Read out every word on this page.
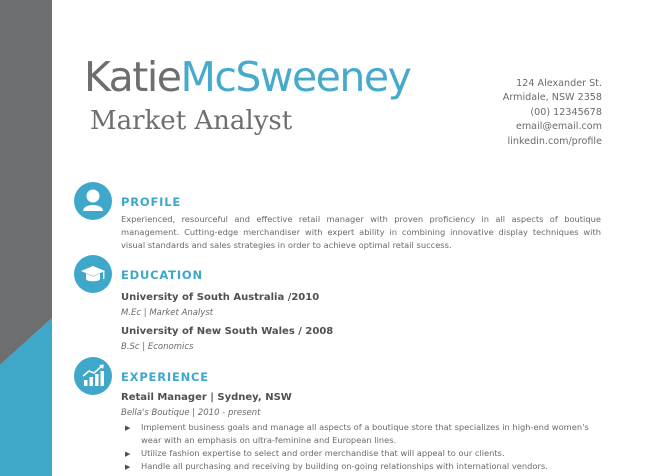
KatieMcSweeney
Market Analyst
124 Alexander St.
Armidale, NSW 2358
(00) 12345678
email@email.com
linkedin.com/profile
PROFILE
Experienced, resourceful and effective retail manager with proven proficiency in all aspects of boutique management. Cutting-edge merchandiser with expert ability in combining innovative display techniques with visual standards and sales strategies in order to achieve optimal retail success.
EDUCATION
University of South Australia /2010
M.Ec | Market Analyst
University of New South Wales / 2008
B.Sc | Economics
EXPERIENCE
Retail Manager | Sydney, NSW
Bella's Boutique | 2010 - present
▶ Implement business goals and manage all aspects of a boutique store that specializes in high-end women's wear with an emphasis on ultra-feminine and European lines.
▶ Utilize fashion expertise to select and order merchandise that will appeal to our clients.
▶ Handle all purchasing and receiving by building on-going relationships with international vendors.
